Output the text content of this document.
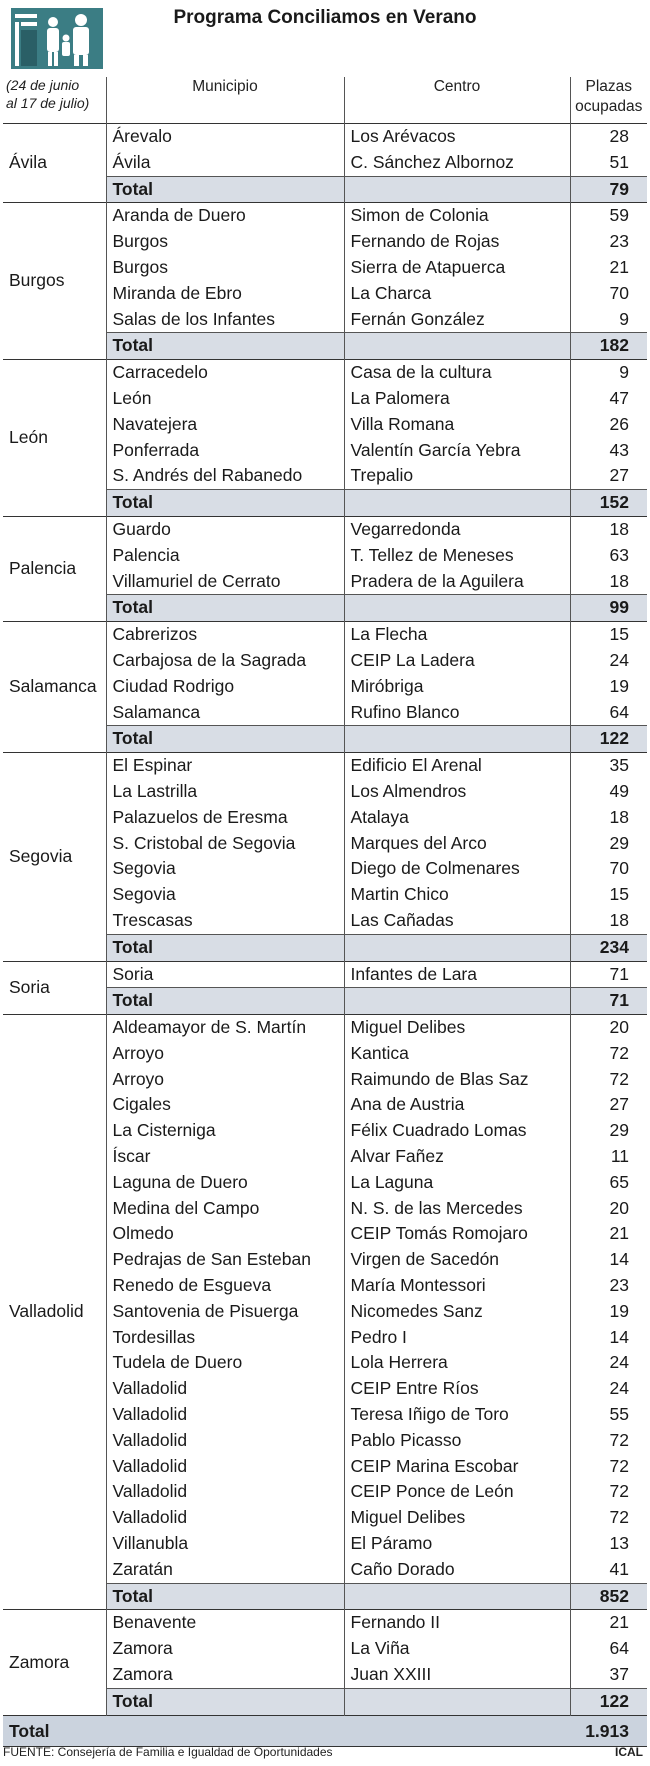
Programa Conciliamos en Verano
(24 de junio
al 17 de julio)
	Municipio	Centro	Plazas
ocupadas

Ávila	Árevalo	Los Arévacos	28
	Ávila	C. Sánchez Albornoz	51
	Total		79
Burgos	Aranda de Duero	Simon de Colonia	59
	Burgos	Fernando de Rojas	23
	Burgos	Sierra de Atapuerca	21
	Miranda de Ebro	La Charca	70
	Salas de los Infantes	Fernán González	9
	Total		182
León	Carracedelo	Casa de la cultura	9
	León	La Palomera	47
	Navatejera	Villa Romana	26
	Ponferrada	Valentín García Yebra	43
	S. Andrés del Rabanedo	Trepalio	27
	Total		152
Palencia	Guardo	Vegarredonda	18
	Palencia	T. Tellez de Meneses	63
	Villamuriel de Cerrato	Pradera de la Aguilera	18
	Total		99
Salamanca	Cabrerizos	La Flecha	15
	Carbajosa de la Sagrada	CEIP La Ladera	24
	Ciudad Rodrigo	Miróbriga	19
	Salamanca	Rufino Blanco	64
	Total		122
Segovia	El Espinar	Edificio El Arenal	35
	La Lastrilla	Los Almendros	49
	Palazuelos de Eresma	Atalaya	18
	S. Cristobal de Segovia	Marques del Arco	29
	Segovia	Diego de Colmenares	70
	Segovia	Martin Chico	15
	Trescasas	Las Cañadas	18
	Total		234
Soria	Soria	Infantes de Lara	71
	Total		71
Valladolid	Aldeamayor de S. Martín	Miguel Delibes	20
	Arroyo	Kantica	72
	Arroyo	Raimundo de Blas Saz	72
	Cigales	Ana de Austria	27
	La Cisterniga	Félix Cuadrado Lomas	29
	Íscar	Alvar Fañez	11
	Laguna de Duero	La Laguna	65
	Medina del Campo	N. S. de las Mercedes	20
	Olmedo	CEIP Tomás Romojaro	21
	Pedrajas de San Esteban	Virgen de Sacedón	14
	Renedo de Esgueva	María Montessori	23
	Santovenia de Pisuerga	Nicomedes Sanz	19
	Tordesillas	Pedro I	14
	Tudela de Duero	Lola Herrera	24
	Valladolid	CEIP Entre Ríos	24
	Valladolid	Teresa Iñigo de Toro	55
	Valladolid	Pablo Picasso	72
	Valladolid	CEIP Marina Escobar	72
	Valladolid	CEIP Ponce de León	72
	Valladolid	Miguel Delibes	72
	Villanubla	El Páramo	13
	Zaratán	Caño Dorado	41
	Total		852
Zamora	Benavente	Fernando II	21
	Zamora	La Viña	64
	Zamora	Juan XXIII	37
	Total		122
Total			1.913
FUENTE: Consejería de Familia e Igualdad de Oportunidades	ICAL
